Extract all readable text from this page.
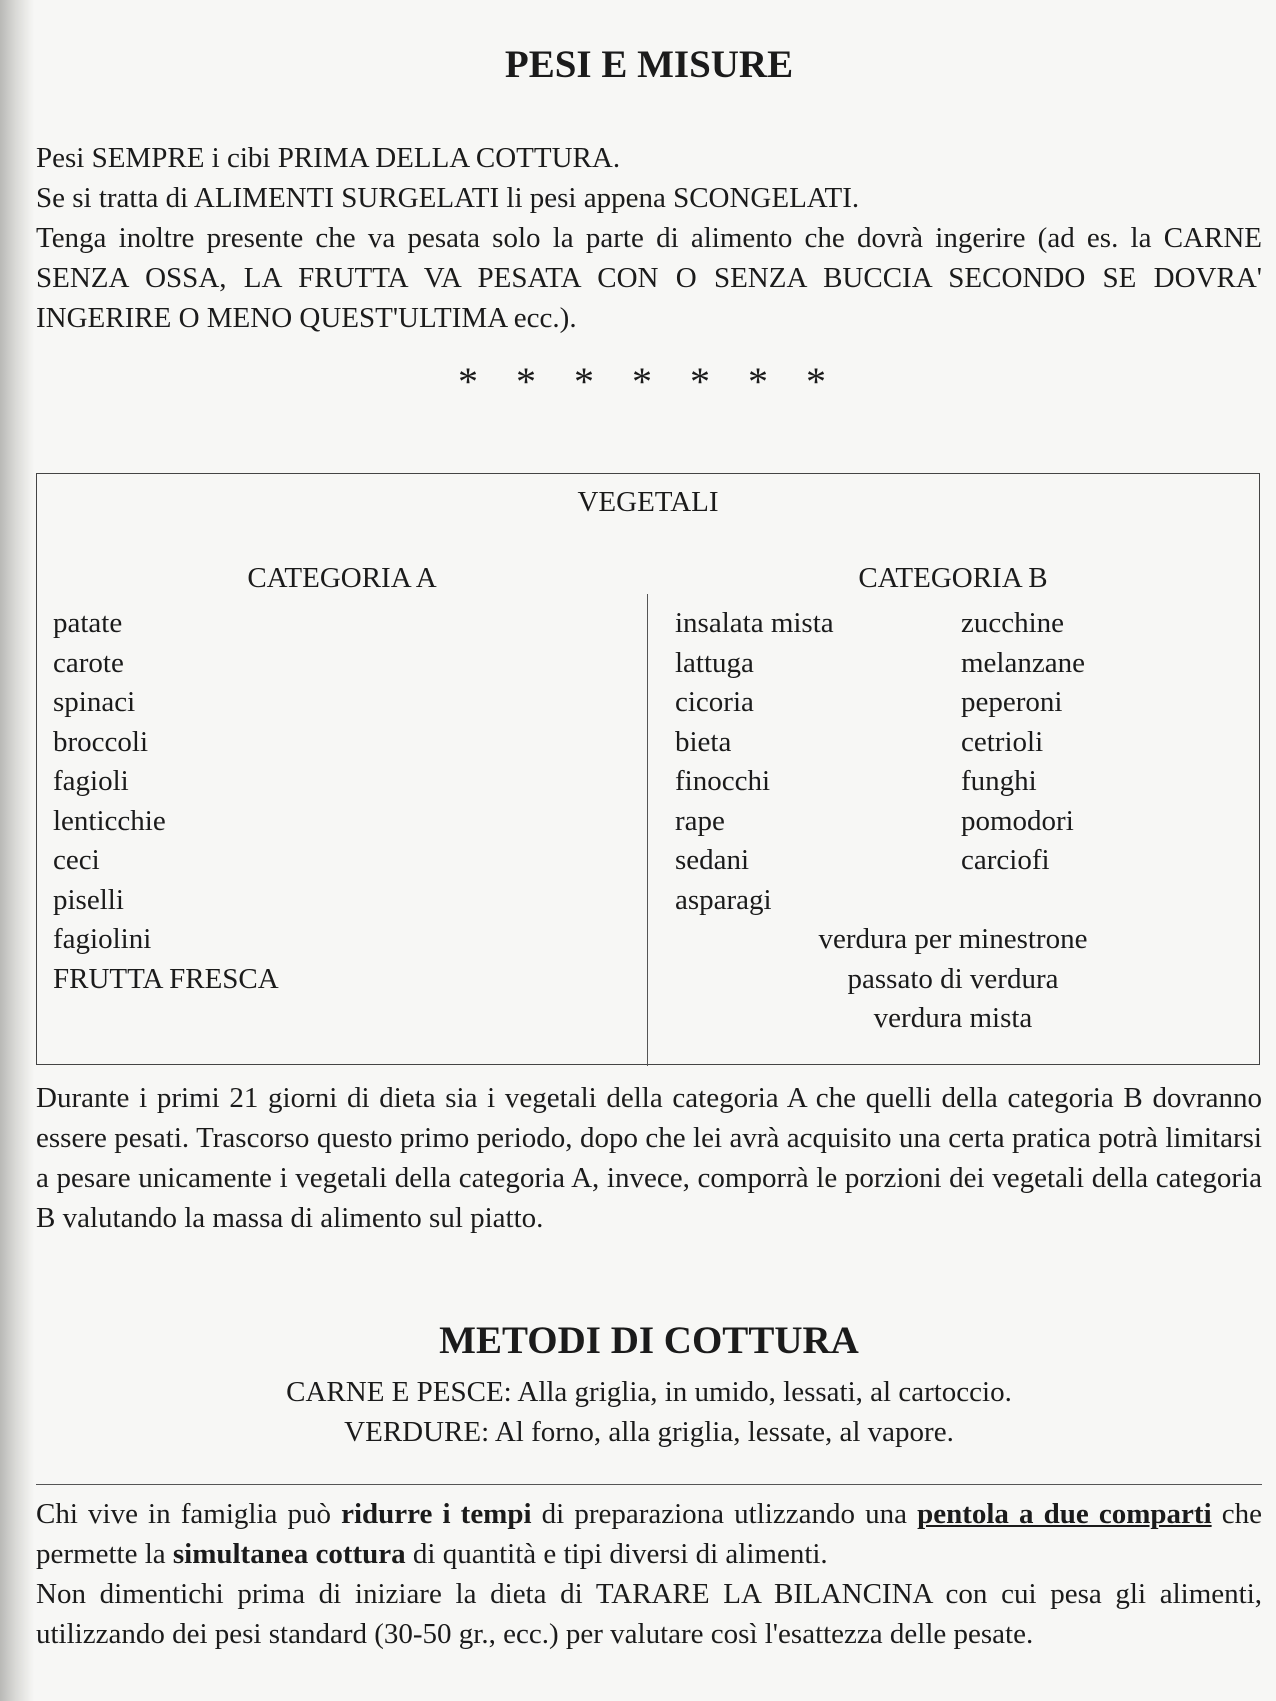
PESI E MISURE

Pesi SEMPRE i cibi PRIMA DELLA COTTURA.

Se si tratta di ALIMENTI SURGELATI li pesi appena SCONGELATI.

Tenga inoltre presente che va pesata solo la parte di alimento che dovrà ingerire (ad es. la CARNE SENZA OSSA, LA FRUTTA VA PESATA CON O SENZA BUCCIA SECONDO SE DOVRA' INGERIRE O MENO QUEST'ULTIMA ecc.).

* * * * * * *
VEGETALI
CATEGORIA A	CATEGORIA B
patate
carote
spinaci
broccoli
fagioli
lenticchie
ceci
piselli
fagiolini
FRUTTA FRESCA
insalata mista
lattuga
cicoria
bieta
finocchi
rape
sedani
asparagi
zucchine
melanzane
peperoni
cetrioli
funghi
pomodori
carciofi
verdura per minestrone
passato di verdura
verdura mista

Durante i primi 21 giorni di dieta sia i vegetali della categoria A che quelli della categoria B dovranno essere pesati. Trascorso questo primo periodo, dopo che lei avrà acquisito una certa pratica potrà limitarsi a pesare unicamente i vegetali della categoria A, invece, comporrà le porzioni dei vegetali della categoria B valutando la massa di alimento sul piatto.

METODI DI COTTURA

CARNE E PESCE: Alla griglia, in umido, lessati, al cartoccio.

VERDURE: Al forno, alla griglia, lessate, al vapore.

Chi vive in famiglia può ridurre i tempi di preparaziona utlizzando una pentola a due comparti che permette la simultanea cottura di quantità e tipi diversi di alimenti.

Non dimentichi prima di iniziare la dieta di TARARE LA BILANCINA con cui pesa gli alimenti, utilizzando dei pesi standard (30-50 gr., ecc.) per valutare così l'esattezza delle pesate.
